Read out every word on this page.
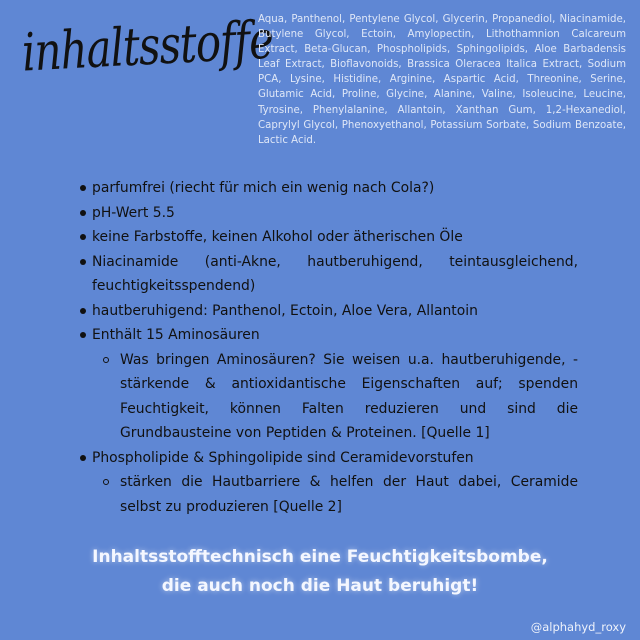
inhaltsstoffe
Aqua, Panthenol, Pentylene Glycol, Glycerin, Propanediol, Niacinamide, Butylene Glycol, Ectoin, Amylopectin, Lithothamnion Calcareum Extract, Beta-Glucan, Phospholipids, Sphingolipids, Aloe Barbadensis Leaf Extract, Bioflavonoids, Brassica Oleracea Italica Extract, Sodium PCA, Lysine, Histidine, Arginine, Aspartic Acid, Threonine, Serine, Glutamic Acid, Proline, Glycine, Alanine, Valine, Isoleucine, Leucine, Tyrosine, Phenylalanine, Allantoin, Xanthan Gum, 1,2-Hexanediol, Caprylyl Glycol, Phenoxyethanol, Potassium Sorbate, Sodium Benzoate, Lactic Acid.
parfumfrei (riecht für mich ein wenig nach Cola?)
pH-Wert 5.5
keine Farbstoffe, keinen Alkohol oder ätherischen Öle
Niacinamide (anti-Akne, hautberuhigend, teintausgleichend, feuchtigkeitsspendend)
hautberuhigend: Panthenol, Ectoin, Aloe Vera, Allantoin
Enthält 15 Aminosäuren
Was bringen Aminosäuren? Sie weisen u.a. hautberuhigende, -stärkende & antioxidantische Eigenschaften auf; spenden Feuchtigkeit, können Falten reduzieren und sind die Grundbausteine von Peptiden & Proteinen. [Quelle 1]
Phospholipide & Sphingolipide sind Ceramidevorstufen
stärken die Hautbarriere & helfen der Haut dabei, Ceramide selbst zu produzieren [Quelle 2]
Inhaltsstofftechnisch eine Feuchtigkeitsbombe,
die auch noch die Haut beruhigt!
@alphahyd_roxy
